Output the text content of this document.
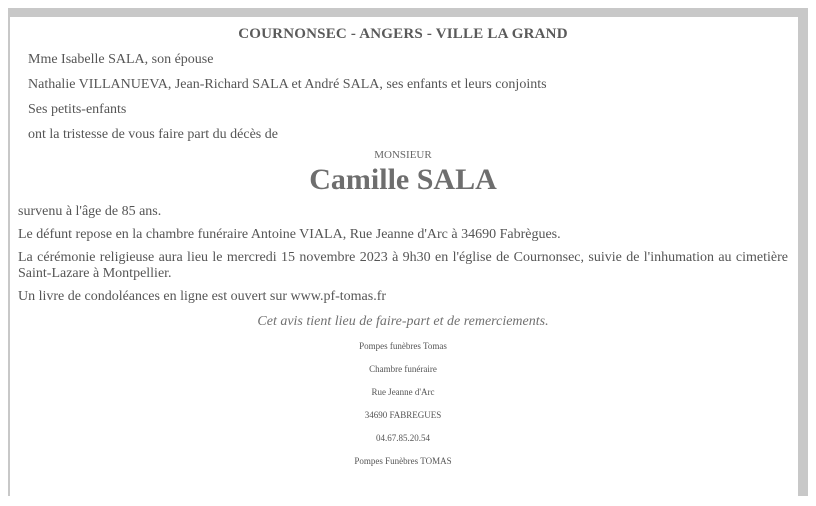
COURNONSEC - ANGERS - VILLE LA GRAND
Mme Isabelle SALA, son épouse
Nathalie VILLANUEVA, Jean-Richard SALA et André SALA, ses enfants et leurs conjoints
Ses petits-enfants
ont la tristesse de vous faire part du décès de
MONSIEUR
Camille SALA
survenu à l'âge de 85 ans.
Le défunt repose en la chambre funéraire Antoine VIALA, Rue Jeanne d'Arc à 34690 Fabrègues.
La cérémonie religieuse aura lieu le mercredi 15 novembre 2023 à 9h30 en l'église de Cournonsec, suivie de l'inhumation au cimetière Saint-Lazare à Montpellier.
Un livre de condoléances en ligne est ouvert sur www.pf-tomas.fr
Cet avis tient lieu de faire-part et de remerciements.
Pompes funèbres Tomas
Chambre funéraire
Rue Jeanne d'Arc
34690 FABREGUES
04.67.85.20.54
Pompes Funèbres TOMAS
